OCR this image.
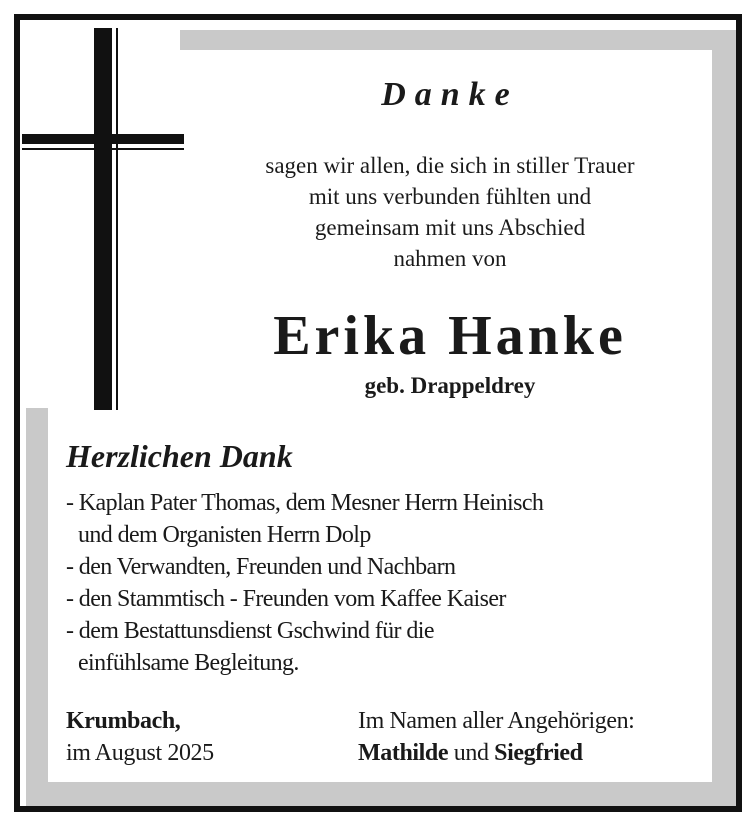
Danke
sagen wir allen, die sich in stiller Trauer
mit uns verbunden fühlten und
gemeinsam mit uns Abschied
nahmen von
Erika Hanke
geb. Drappeldrey
Herzlichen Dank
- Kaplan Pater Thomas, dem Mesner Herrn Heinisch
und dem Organisten Herrn Dolp
- den Verwandten, Freunden und Nachbarn
- den Stammtisch - Freunden vom Kaffee Kaiser
- dem Bestattunsdienst Gschwind für die
einfühlsame Begleitung.
Krumbach,
im August 2025
Im Namen aller Angehörigen:
Mathilde und Siegfried
